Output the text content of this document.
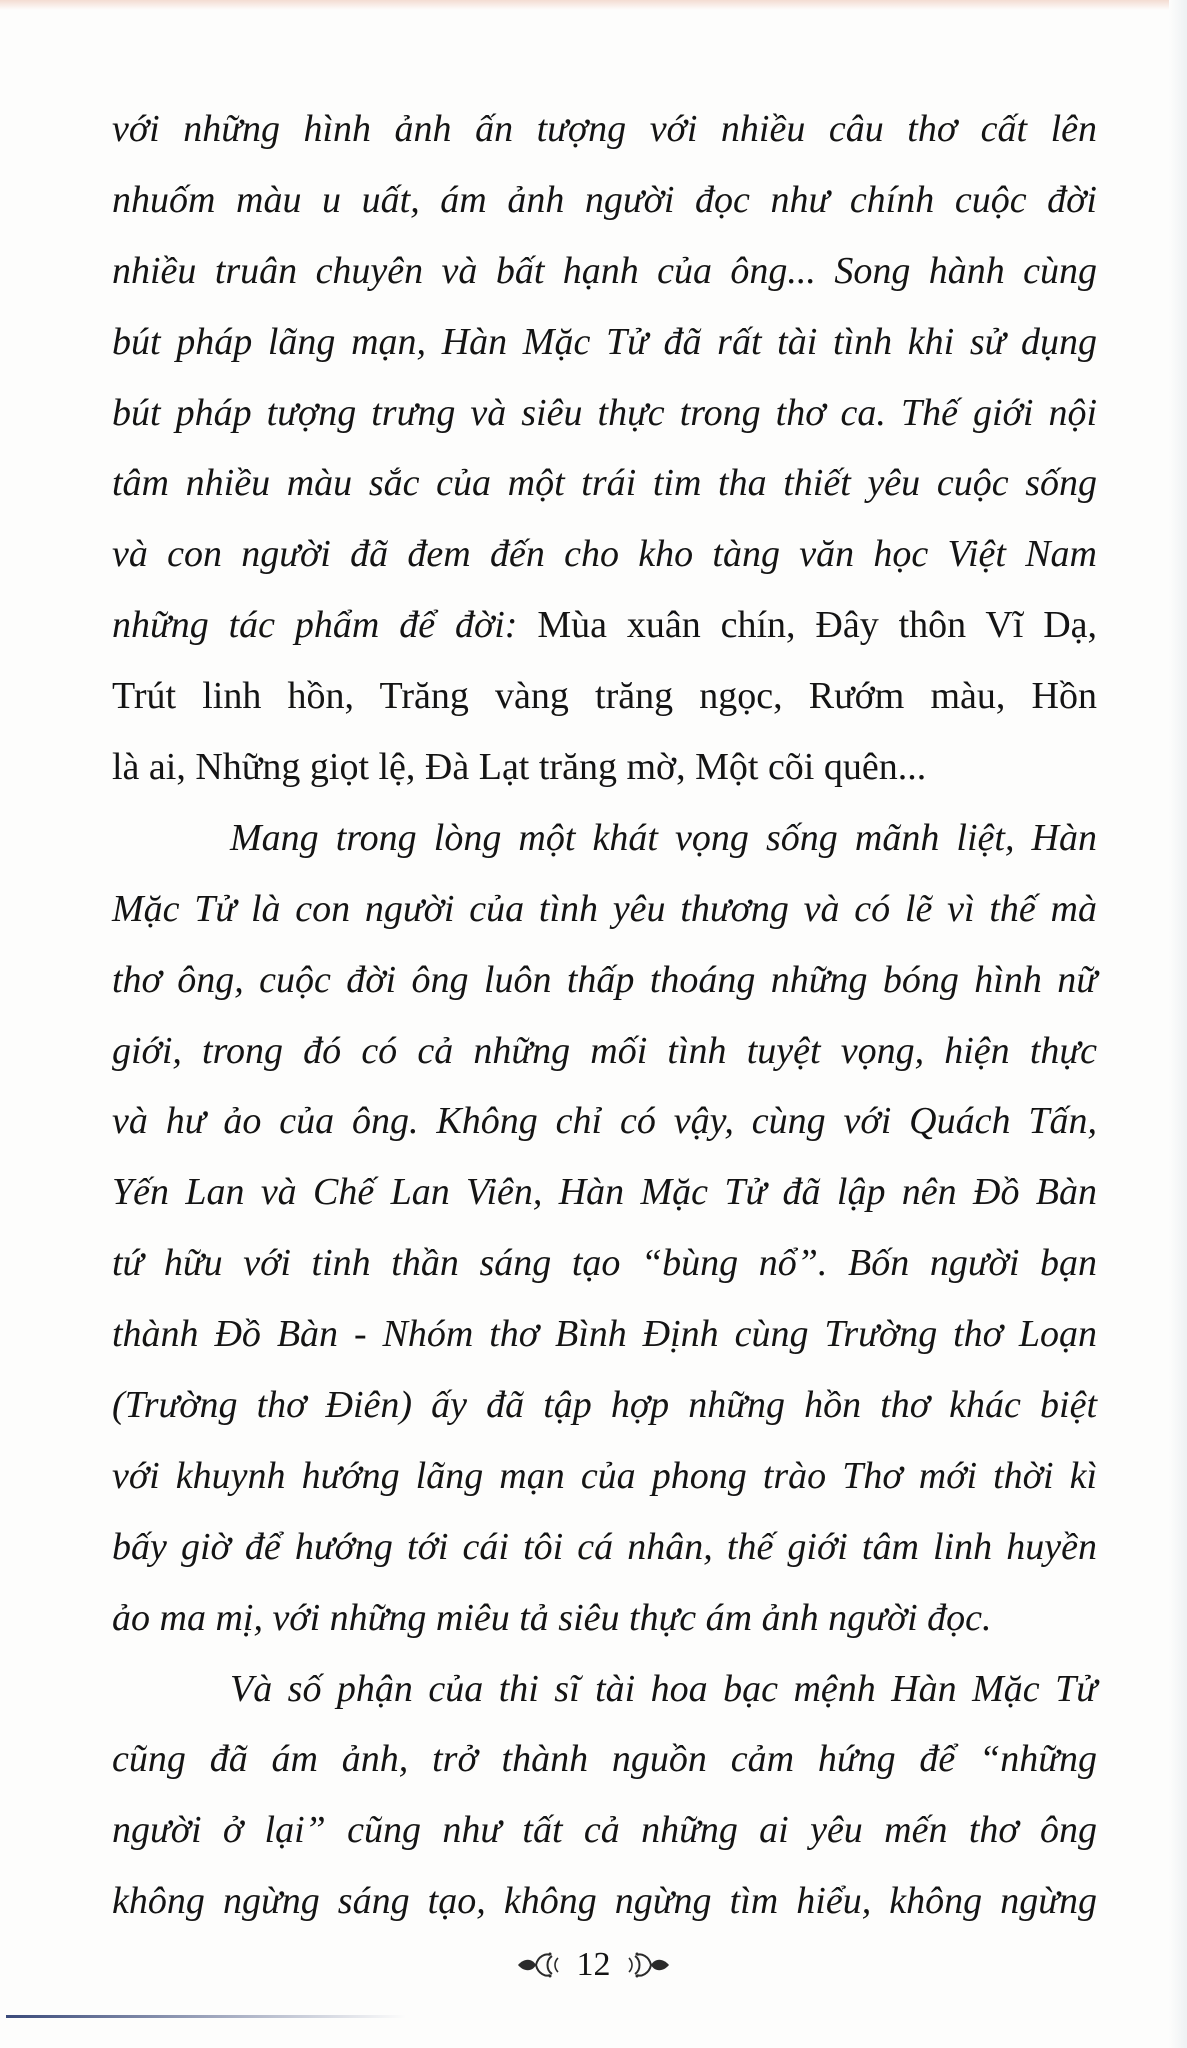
với những hình ảnh ấn tượng với nhiều câu thơ cất lên
nhuốm màu u uất, ám ảnh người đọc như chính cuộc đời
nhiều truân chuyên và bất hạnh của ông... Song hành cùng
bút pháp lãng mạn, Hàn Mặc Tử đã rất tài tình khi sử dụng
bút pháp tượng trưng và siêu thực trong thơ ca. Thế giới nội
tâm nhiều màu sắc của một trái tim tha thiết yêu cuộc sống
và con người đã đem đến cho kho tàng văn học Việt Nam
những tác phẩm để đời: Mùa xuân chín, Đây thôn Vĩ Dạ,
Trút linh hồn, Trăng vàng trăng ngọc, Rướm màu, Hồn
là ai, Những giọt lệ, Đà Lạt trăng mờ, Một cõi quên...
Mang trong lòng một khát vọng sống mãnh liệt, Hàn
Mặc Tử là con người của tình yêu thương và có lẽ vì thế mà
thơ ông, cuộc đời ông luôn thấp thoáng những bóng hình nữ
giới, trong đó có cả những mối tình tuyệt vọng, hiện thực
và hư ảo của ông. Không chỉ có vậy, cùng với Quách Tấn,
Yến Lan và Chế Lan Viên, Hàn Mặc Tử đã lập nên Đồ Bàn
tứ hữu với tinh thần sáng tạo “bùng nổ”. Bốn người bạn
thành Đồ Bàn - Nhóm thơ Bình Định cùng Trường thơ Loạn
(Trường thơ Điên) ấy đã tập hợp những hồn thơ khác biệt
với khuynh hướng lãng mạn của phong trào Thơ mới thời kì
bấy giờ để hướng tới cái tôi cá nhân, thế giới tâm linh huyền
ảo ma mị, với những miêu tả siêu thực ám ảnh người đọc.
Và số phận của thi sĩ tài hoa bạc mệnh Hàn Mặc Tử
cũng đã ám ảnh, trở thành nguồn cảm hứng để “những
người ở lại” cũng như tất cả những ai yêu mến thơ ông
không ngừng sáng tạo, không ngừng tìm hiểu, không ngừng
12
